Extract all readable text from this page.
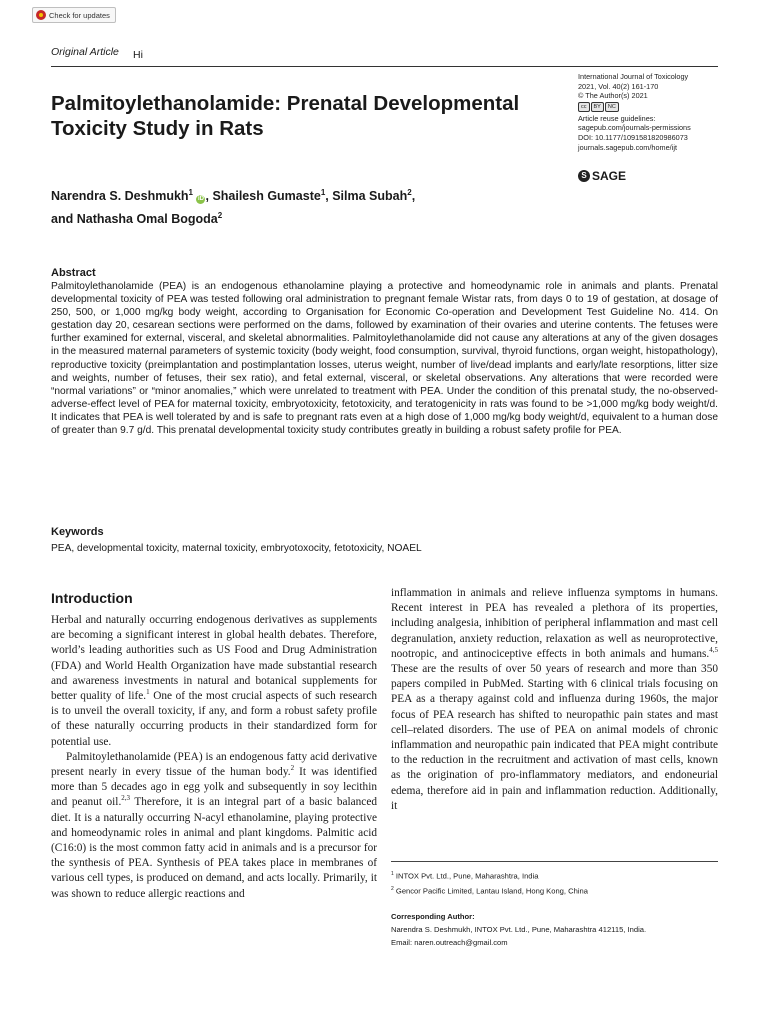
Check for updates
Original Article Hi
International Journal of Toxicology
2021, Vol. 40(2) 161-170
© The Author(s) 2021
cc	BY	NC
Article reuse guidelines:
sagepub.com/journals-permissions
DOI: 10.1177/1091581820986073
journals.sagepub.com/home/ijt
S SAGE
Palmitoylethanolamide: Prenatal Developmental Toxicity Study in Rats
Narendra S. Deshmukh$^1$ iD , Shailesh Gumaste$^1$, Silma Subah$^2$,
and Nathasha Omal Bogoda$^2$
Abstract
Palmitoylethanolamide (PEA) is an endogenous ethanolamine playing a protective and homeodynamic role in animals and plants. Prenatal developmental toxicity of PEA was tested following oral administration to pregnant female Wistar rats, from days 0 to 19 of gestation, at dosage of 250, 500, or 1,000 mg/kg body weight, according to Organisation for Economic Co-operation and Development Test Guideline No. 414. On gestation day 20, cesarean sections were performed on the dams, followed by examination of their ovaries and uterine contents. The fetuses were further examined for external, visceral, and skeletal abnormalities. Palmitoylethanolamide did not cause any alterations at any of the given dosages in the measured maternal parameters of systemic toxicity (body weight, food consumption, survival, thyroid functions, organ weight, histopathology), reproductive toxicity (preimplantation and postimplantation losses, uterus weight, number of live/dead implants and early/late resorptions, litter size and weights, number of fetuses, their sex ratio), and fetal external, visceral, or skeletal observations. Any alterations that were recorded were “normal variations” or “minor anomalies,” which were unrelated to treatment with PEA. Under the condition of this prenatal study, the no-observed-adverse-effect level of PEA for maternal toxicity, embryotoxicity, fetotoxicity, and teratogenicity in rats was found to be >1,000 mg/kg body weight/d. It indicates that PEA is well tolerated by and is safe to pregnant rats even at a high dose of 1,000 mg/kg body weight/d, equivalent to a human dose of greater than 9.7 g/d. This prenatal developmental toxicity study contributes greatly in building a robust safety profile for PEA.
Keywords
PEA, developmental toxicity, maternal toxicity, embryotoxocity, fetotoxicity, NOAEL
Introduction

Herbal and naturally occurring endogenous derivatives as supplements are becoming a significant interest in global health debates. Therefore, world’s leading authorities such as US Food and Drug Administration (FDA) and World Health Organization have made substantial research and awareness investments in natural and botanical supplements for better quality of life.$^1$ One of the most crucial aspects of such research is to unveil the overall toxicity, if any, and form a robust safety profile of these naturally occurring products in their standardized form for potential use.

Palmitoylethanolamide (PEA) is an endogenous fatty acid derivative present nearly in every tissue of the human body.$^2$ It was identified more than 5 decades ago in egg yolk and subsequently in soy lecithin and peanut oil.$^{2,3}$ Therefore, it is an integral part of a basic balanced diet. It is a naturally occurring N-acyl ethanolamine, playing protective and homeodynamic roles in animal and plant kingdoms. Palmitic acid (C16:0) is the most common fatty acid in animals and is a precursor for the synthesis of PEA. Synthesis of PEA takes place in membranes of various cell types, is produced on demand, and acts locally. Primarily, it was shown to reduce allergic reactions and

inflammation in animals and relieve influenza symptoms in humans. Recent interest in PEA has revealed a plethora of its properties, including analgesia, inhibition of peripheral inflammation and mast cell degranulation, anxiety reduction, relaxation as well as neuroprotective, nootropic, and antinociceptive effects in both animals and humans.$^{4,5}$ These are the results of over 50 years of research and more than 350 papers compiled in PubMed. Starting with 6 clinical trials focusing on PEA as a therapy against cold and influenza during 1960s, the major focus of PEA research has shifted to neuropathic pain states and mast cell–related disorders. The use of PEA on animal models of chronic inflammation and neuropathic pain indicated that PEA might contribute to the reduction in the recruitment and activation of mast cells, known as the origination of pro-inflammatory mediators, and endoneurial edema, therefore aid in pain and inflammation reduction. Additionally, it

$^1$ INTOX Pvt. Ltd., Pune, Maharashtra, India
$^2$ Gencor Pacific Limited, Lantau Island, Hong Kong, China
Corresponding Author:
Narendra S. Deshmukh, INTOX Pvt. Ltd., Pune, Maharashtra 412115, India.
Email: naren.outreach@gmail.com
